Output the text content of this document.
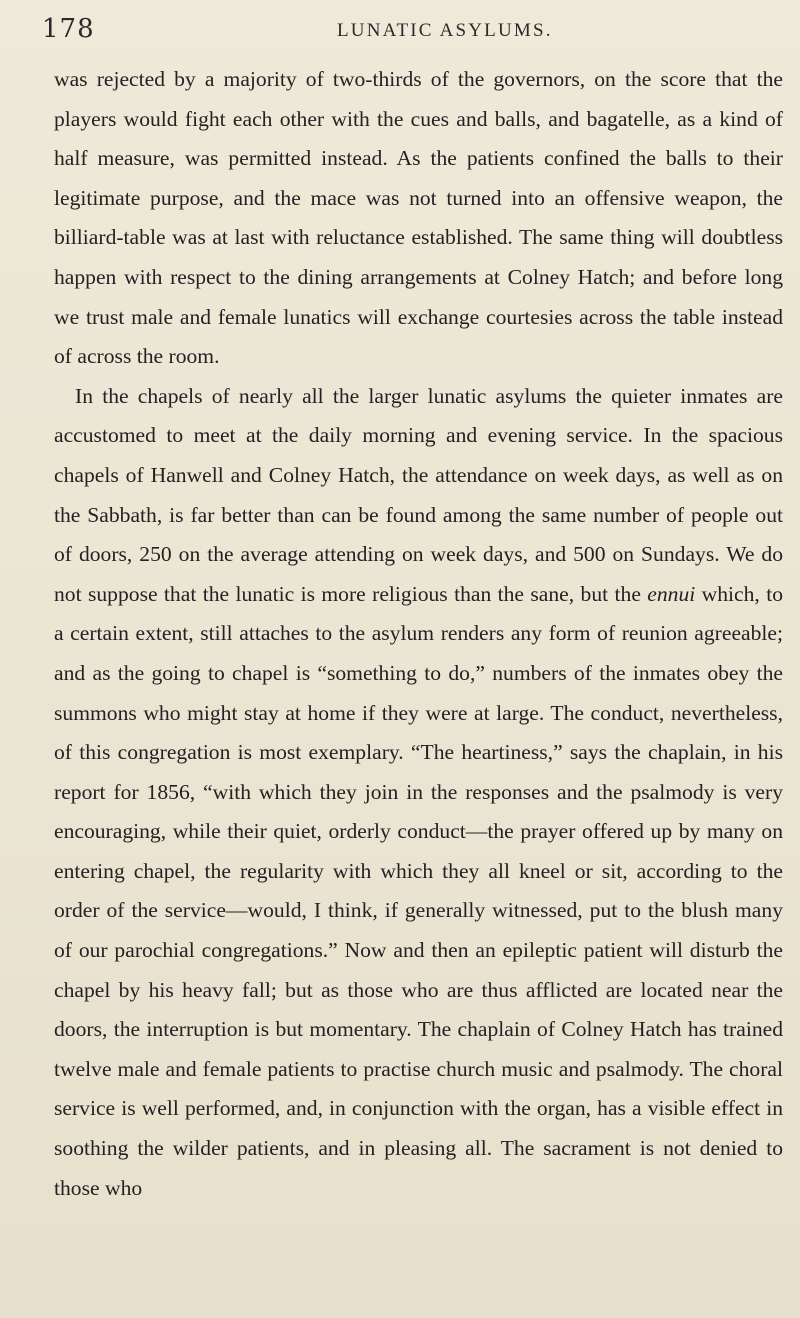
178	LUNATIC ASYLUMS.

was rejected by a majority of two-thirds of the governors, on the score that the players would fight each other with the cues and balls, and bagatelle, as a kind of half measure, was permitted instead. As the patients confined the balls to their legitimate purpose, and the mace was not turned into an offensive weapon, the billiard-table was at last with reluctance established. The same thing will doubtless happen with respect to the dining arrangements at Colney Hatch; and before long we trust male and female lunatics will exchange courtesies across the table instead of across the room.

In the chapels of nearly all the larger lunatic asylums the quieter inmates are accustomed to meet at the daily morning and evening service. In the spacious chapels of Hanwell and Colney Hatch, the attendance on week days, as well as on the Sabbath, is far better than can be found among the same number of people out of doors, 250 on the average attending on week days, and 500 on Sundays. We do not suppose that the lunatic is more religious than the sane, but the ennui which, to a certain extent, still attaches to the asylum renders any form of reunion agreeable; and as the going to chapel is “something to do,” numbers of the inmates obey the summons who might stay at home if they were at large. The conduct, nevertheless, of this congregation is most exemplary. “The heartiness,” says the chaplain, in his report for 1856, “with which they join in the responses and the psalmody is very encouraging, while their quiet, orderly conduct—the prayer offered up by many on entering chapel, the regularity with which they all kneel or sit, according to the order of the service—would, I think, if generally witnessed, put to the blush many of our parochial congregations.” Now and then an epileptic patient will disturb the chapel by his heavy fall; but as those who are thus afflicted are located near the doors, the interruption is but momentary. The chaplain of Colney Hatch has trained twelve male and female patients to practise church music and psalmody. The choral service is well performed, and, in conjunction with the organ, has a visible effect in soothing the wilder patients, and in pleasing all. The sacrament is not denied to those who
